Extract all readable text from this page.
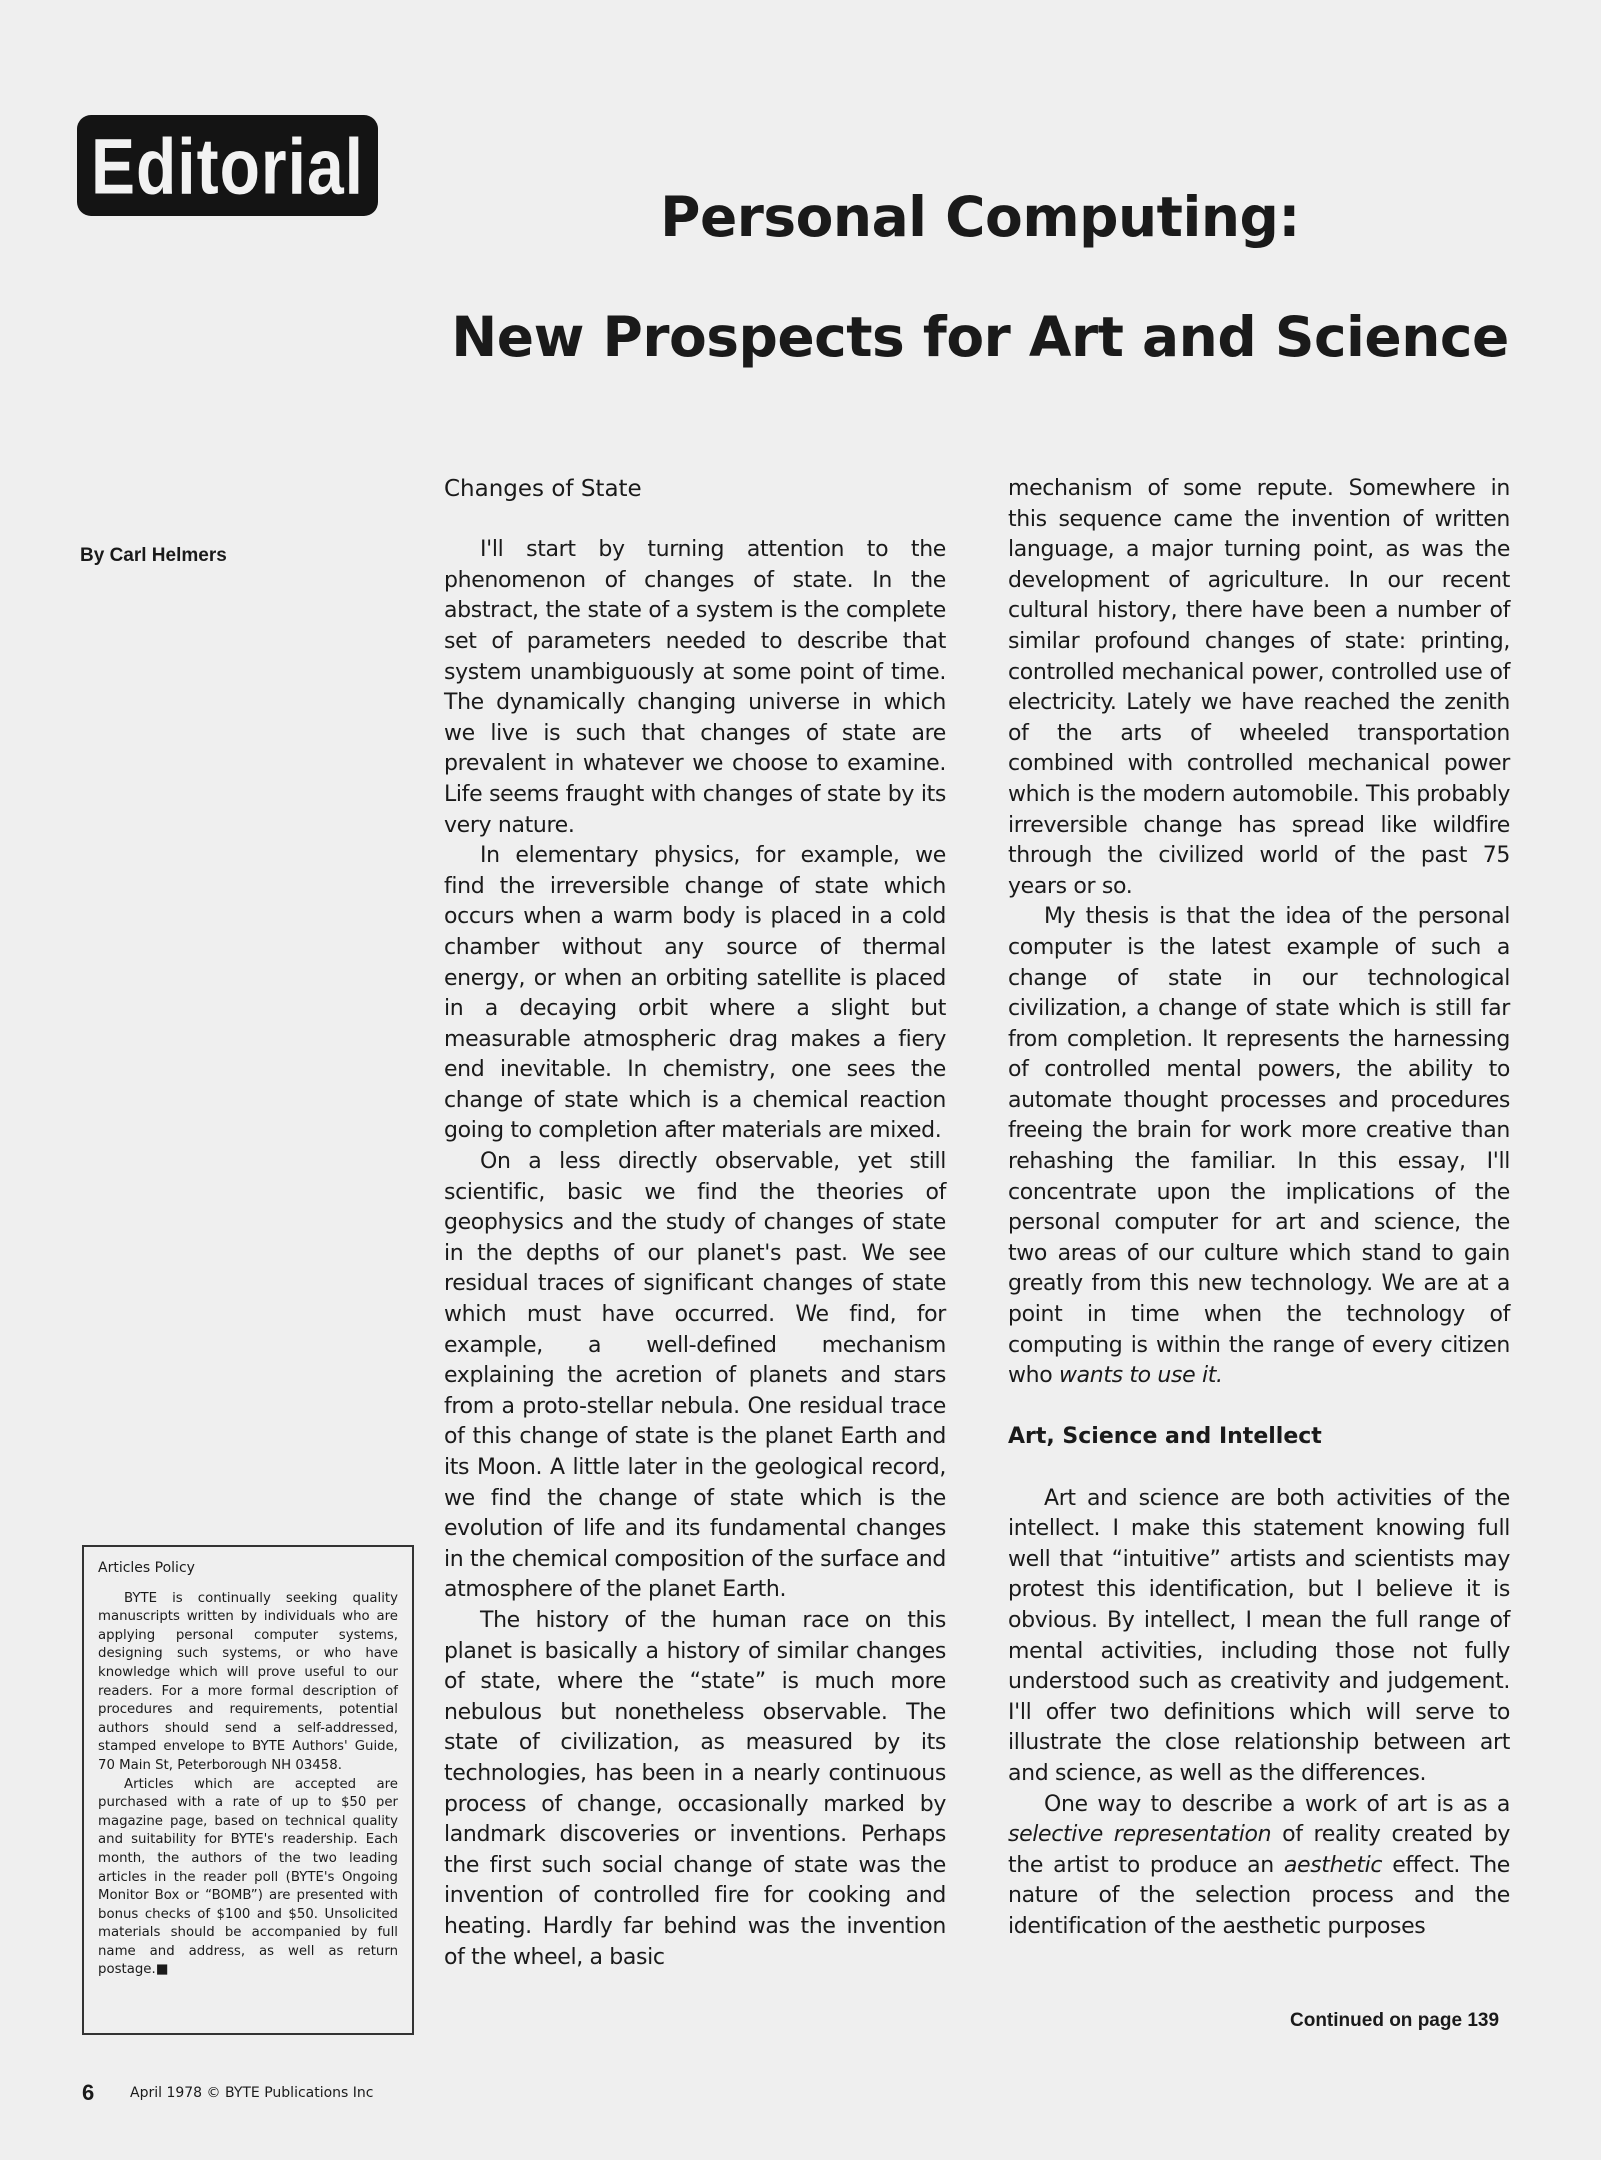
Editorial
Personal Computing:
New Prospects for Art and Science
By Carl Helmers
Changes of State

I'll start by turning attention to the phenomenon of changes of state. In the abstract, the state of a system is the complete set of parameters needed to describe that system unambiguously at some point of time. The dynamically changing universe in which we live is such that changes of state are prevalent in whatever we choose to examine. Life seems fraught with changes of state by its very nature.

In elementary physics, for example, we find the irreversible change of state which occurs when a warm body is placed in a cold chamber without any source of thermal energy, or when an orbiting satellite is placed in a decaying orbit where a slight but measurable atmospheric drag makes a fiery end inevitable. In chemistry, one sees the change of state which is a chemical reaction going to completion after materials are mixed.

On a less directly observable, yet still scientific, basic we find the theories of geophysics and the study of changes of state in the depths of our planet's past. We see residual traces of significant changes of state which must have occurred. We find, for example, a well-defined mechanism explaining the acretion of planets and stars from a proto-stellar nebula. One residual trace of this change of state is the planet Earth and its Moon. A little later in the geological record, we find the change of state which is the evolution of life and its fundamental changes in the chemical composition of the surface and atmosphere of the planet Earth.

The history of the human race on this planet is basically a history of similar changes of state, where the “state” is much more nebulous but nonetheless observable. The state of civilization, as measured by its technologies, has been in a nearly continuous process of change, occasionally marked by landmark discoveries or inventions. Perhaps the first such social change of state was the invention of controlled fire for cooking and heating. Hardly far behind was the invention of the wheel, a basic

mechanism of some repute. Somewhere in this sequence came the invention of written language, a major turning point, as was the development of agriculture. In our recent cultural history, there have been a number of similar profound changes of state: printing, controlled mechanical power, controlled use of electricity. Lately we have reached the zenith of the arts of wheeled transportation combined with controlled mechanical power which is the modern automobile. This probably irreversible change has spread like wildfire through the civilized world of the past 75 years or so.

My thesis is that the idea of the personal computer is the latest example of such a change of state in our technological civilization, a change of state which is still far from completion. It represents the harnessing of controlled mental powers, the ability to automate thought processes and procedures freeing the brain for work more creative than rehashing the familiar. In this essay, I'll concentrate upon the implications of the personal computer for art and science, the two areas of our culture which stand to gain greatly from this new technology. We are at a point in time when the technology of computing is within the range of every citizen who wants to use it.

Art, Science and Intellect

Art and science are both activities of the intellect. I make this statement knowing full well that “intuitive” artists and scientists may protest this identification, but I believe it is obvious. By intellect, I mean the full range of mental activities, including those not fully understood such as creativity and judgement. I'll offer two definitions which will serve to illustrate the close relationship between art and science, as well as the differences.

One way to describe a work of art is as a selective representation of reality created by the artist to produce an aesthetic effect. The nature of the selection process and the identification of the aesthetic purposes

Articles Policy

BYTE is continually seeking quality manuscripts written by individuals who are applying personal computer systems, designing such systems, or who have knowledge which will prove useful to our readers. For a more formal description of procedures and requirements, potential authors should send a self-addressed, stamped envelope to BYTE Authors' Guide, 70 Main St, Peterborough NH 03458.

Articles which are accepted are purchased with a rate of up to $50 per magazine page, based on technical quality and suitability for BYTE's readership. Each month, the authors of the two leading articles in the reader poll (BYTE's Ongoing Monitor Box or “BOMB”) are presented with bonus checks of $100 and $50. Unsolicited materials should be accompanied by full name and address, as well as return postage.■

Continued on page 139
6	April 1978 © BYTE Publications Inc
